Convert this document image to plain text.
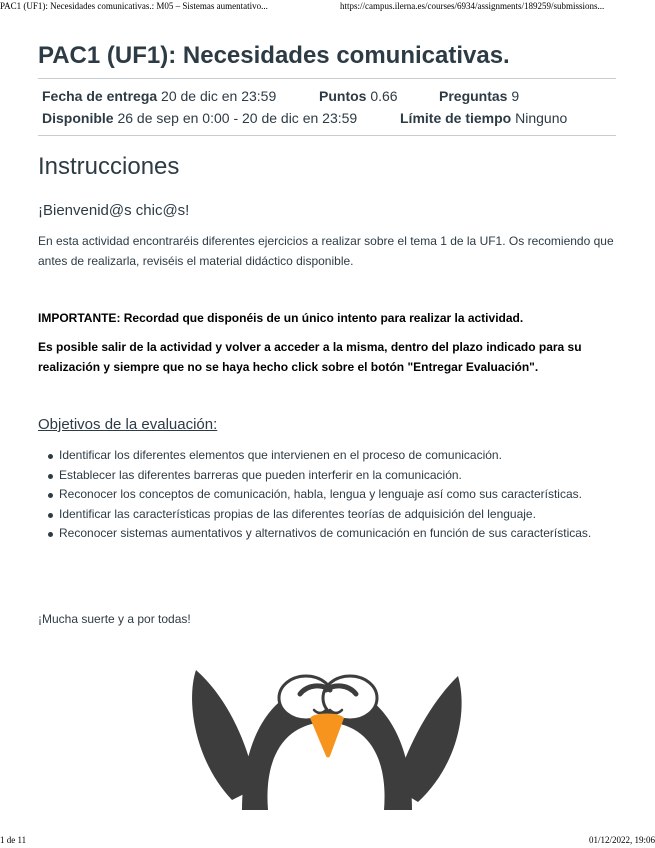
PAC1 (UF1): Necesidades comunicativas.: M05 – Sistemas aumentativo...	https://campus.ilerna.es/courses/6934/assignments/189259/submissions...
PAC1 (UF1): Necesidades comunicativas.
Fecha de entrega 20 de dic en 23:59	Puntos 0.66	Preguntas 9
Disponible 26 de sep en 0:00 - 20 de dic en 23:59	Límite de tiempo Ninguno
Instrucciones

¡Bienvenid@s chic@s!

En esta actividad encontraréis diferentes ejercicios a realizar sobre el tema 1 de la UF1. Os recomiendo que antes de realizarla, reviséis el material didáctico disponible.

IMPORTANTE: Recordad que disponéis de un único intento para realizar la actividad.

Es posible salir de la actividad y volver a acceder a la misma, dentro del plazo indicado para su realización y siempre que no se haya hecho click sobre el botón "Entregar Evaluación".

Objetivos de la evaluación:

Identificar los diferentes elementos que intervienen en el proceso de comunicación.
Establecer las diferentes barreras que pueden interferir en la comunicación.
Reconocer los conceptos de comunicación, habla, lengua y lenguaje así como sus características.
Identificar las características propias de las diferentes teorías de adquisición del lenguaje.
Reconocer sistemas aumentativos y alternativos de comunicación en función de sus características.

¡Mucha suerte y a por todas!

1 de 11	01/12/2022, 19:06
